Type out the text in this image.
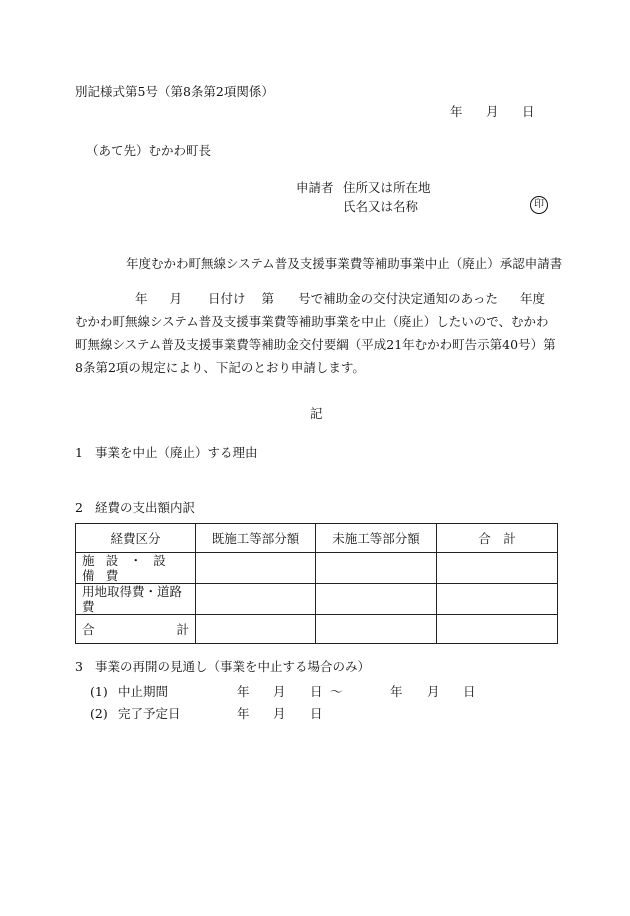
別記様式第5号（第8条第2項関係）
年 月 日
（あて先）むかわ町長
申請者 住所又は所在地
氏名又は名称	印
年度むかわ町無線システム普及支援事業費等補助事業中止（廃止）承認申請書
年 月 日付け 第 号で補助金の交付決定通知のあった 年度むかわ町無線システム普及支援事業費等補助事業を中止（廃止）したいので、むかわ町無線システム普及支援事業費等補助金交付要綱（平成21年むかわ町告示第40号）第8条第2項の規定により、下記のとおり申請します。
記
1 事業を中止（廃止）する理由
2 経費の支出額内訳
経費区分	既施工等部分額	未施工等部分額	合　計
施設・設備費			
用地取得費・道路費			
合計			
3 事業の再開の見通し（事業を中止する場合のみ）
(1) 中止期間	年 月 日 ～	年 月 日
(2) 完了予定日	年 月 日
